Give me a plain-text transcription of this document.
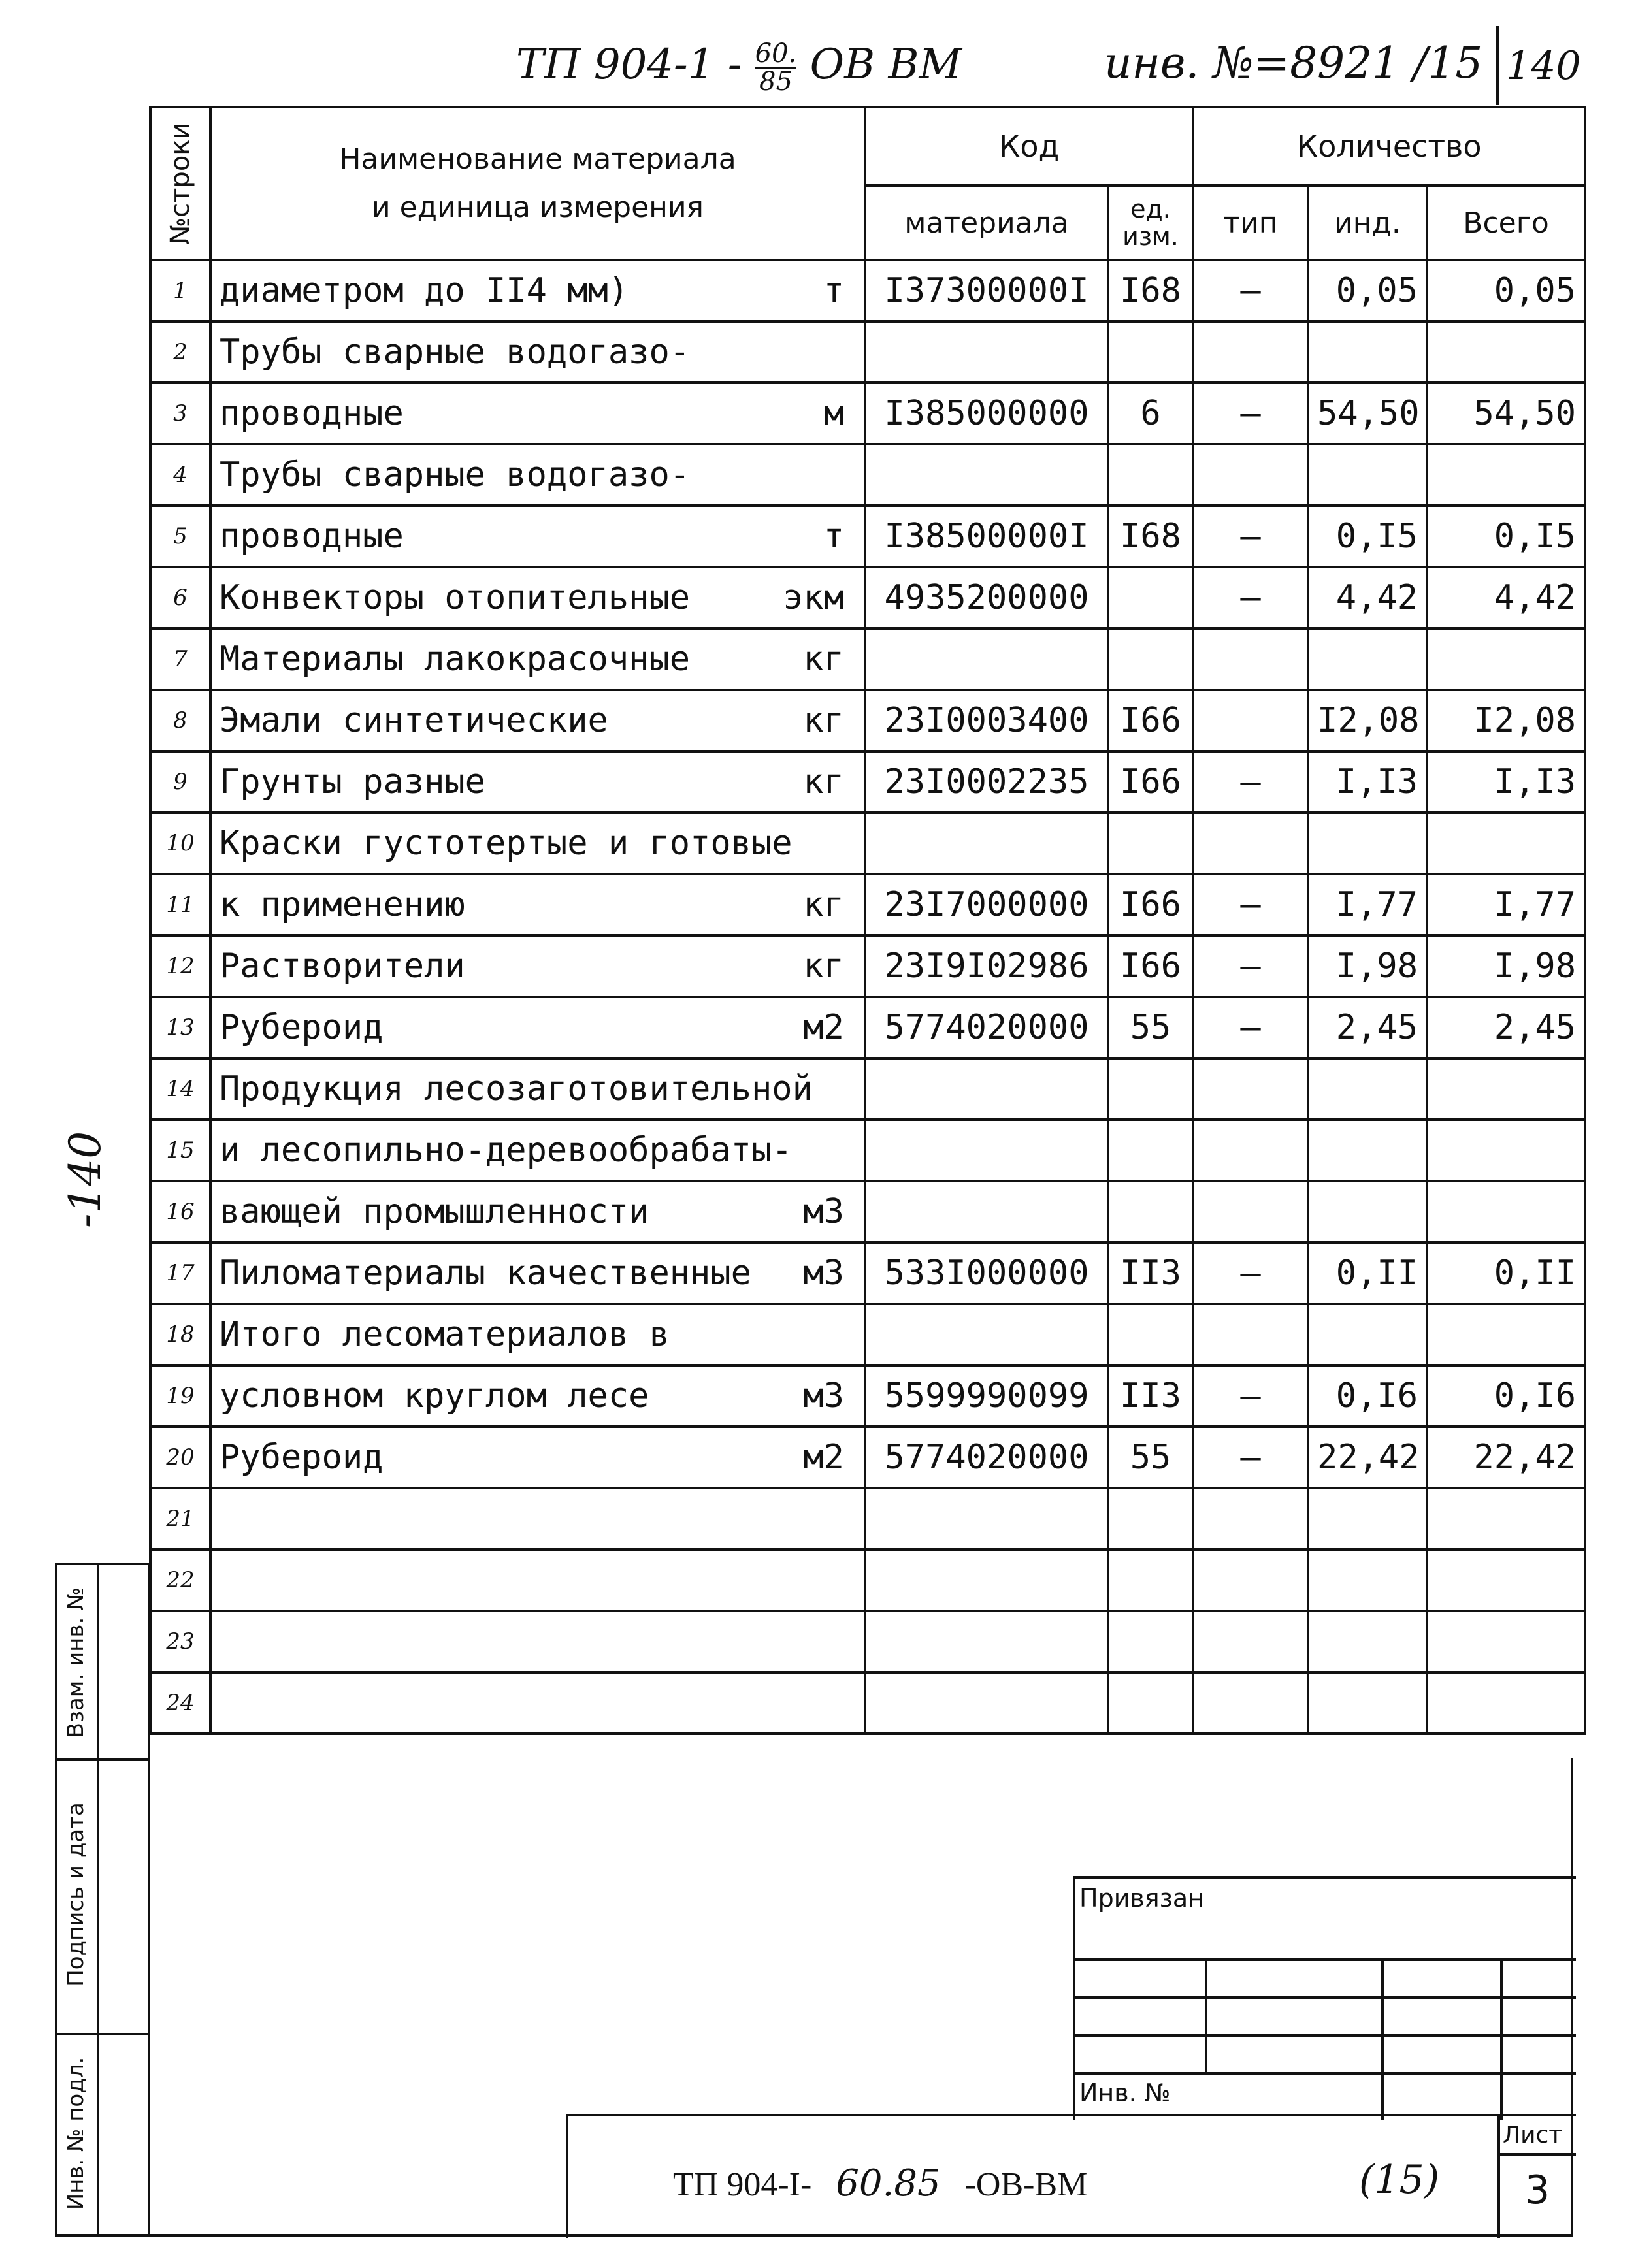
ТП $904-1 - \frac{60.}{85}$ ОВ ВМ	инв. №=8921 /15 140
-140
№строки	Наименование материала
и единица измерения	Код		Количество		
		материала	ед. изм.	тип	инд.	Всего
1	диаметром до II4 мм) т	I37300000I	I68	–	0,05	0,05
2	Трубы сварные водогазо-

3	проводные м	I385000000	6	–	54,50	54,50
4	Трубы сварные водогазо-

5	проводные т	I38500000I	I68	–	0,I5	0,I5
6	Конвекторы отопительные экм	4935200000		–	4,42	4,42
7	Материалы лакокрасочные кг					

8	Эмали синтетические кг	23I0003400	I66		I2,08	I2,08
9	Грунты разные кг	23I0002235	I66	–	I,I3	I,I3
10	Краски густотертые и готовые

11	к применению кг	23I7000000	I66	–	I,77	I,77
12	Растворители кг	23I9I02986	I66	–	I,98	I,98
13	Рубероид м2	5774020000	55	–	2,45	2,45
14	Продукция лесозаготовительной

15	и лесопильно-деревообрабаты-

16	вающей промышленности м3					

17	Пиломатериалы качественные м3	533I000000	II3	–	0,II	0,II
18	Итого лесоматериалов в

19	условном круглом лесе м3	5599990099	II3	–	0,I6	0,I6
20	Рубероид м2	5774020000	55	–	22,42	22,42
21	

22	

23	

24	

Взам. инв. №
Подпись и дата
Инв. № подл.
Привязан
Инв. №
ТП 904-I- 60.85 -ОВ-ВМ	(15)
Лист
3
